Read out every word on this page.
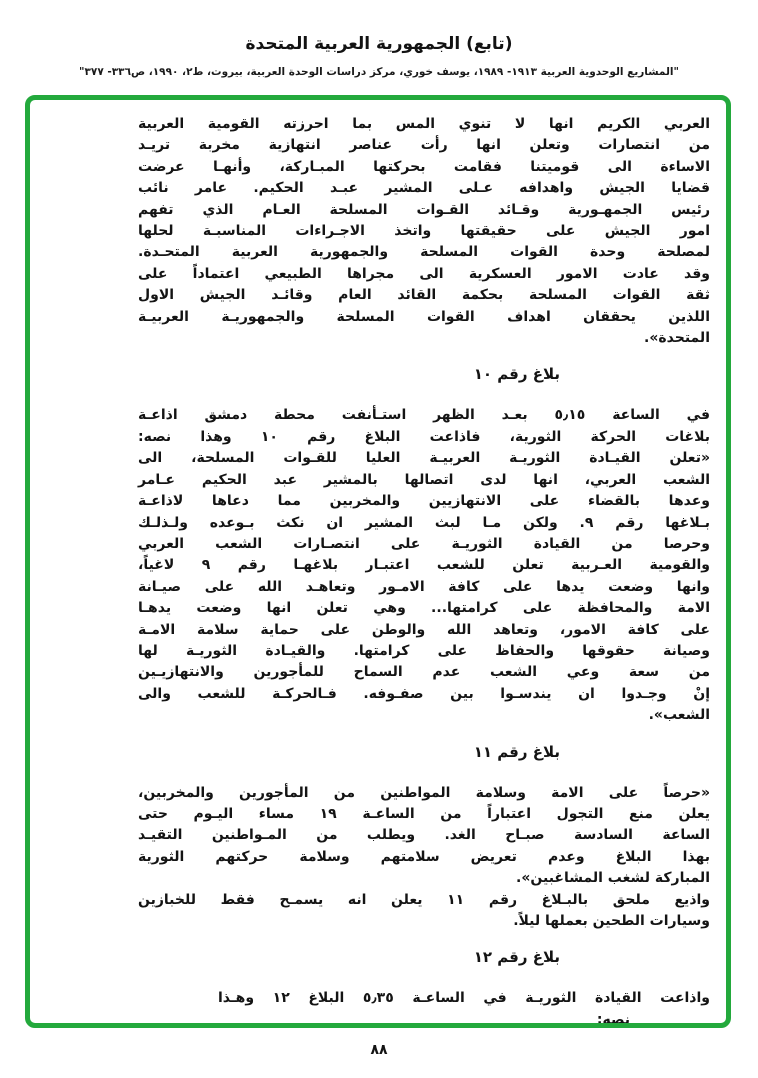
(تابع) الجمهورية العربية المتحدة
"المشاريع الوحدوية العربية ١٩١٣- ١٩٨٩، يوسف خوري، مركز دراسات الوحدة العربية، بيروت، ط٢، ١٩٩٠، ص٣٣٦- ٣٧٧"
العربي الكريم انها لا تنوي المس بما احرزته القومية العربية
من انتصارات وتعلن انها رأت عناصر انتهازية مخربة تريـد
الاساءة الى قوميتنا فقامت بحركتها المبـاركة، وأنهـا عرضت
قضايا الجيش واهدافه عـلى المشير عبـد الحكيم. عامر نائب
رئيس الجمهـورية وقـائد القـوات المسلحة العـام الذي تفهم
امور الجيش على حقيقتها واتخذ الاجـراءات المناسبـة لحلها
لمصلحة وحدة القوات المسلحة والجمهورية العربية المتحـدة.
وقد عادت الامور العسكرية الى مجراها الطبيعي اعتماداً على
ثقة القوات المسلحة بحكمة القائد العام وقائـد الجيش الاول
اللذين يحققان اهداف القوات المسلحة والجمهوريـة العربيـة
المتحدة».
بلاغ رقم ١٠
في الساعة ٥٫١٥ بعـد الظهر استـأنفت محطة دمشق اذاعـة
بلاغات الحركة الثورية، فاذاعت البلاغ رقم ١٠ وهذا نصه:
«تعلن القيـادة الثوريـة العربيـة العليا للقـوات المسلحة، الى
الشعب العربي، انها لدى اتصالها بالمشير عبد الحكيم عـامر
وعدها بالقضاء على الانتهازيين والمخربين مما دعاها لاذاعـة
بـلاغها رقم ٩. ولكن مـا لبث المشير ان نكث بـوعده ولـذلـك
وحرصا من القيادة الثوريـة على انتصـارات الشعب العربي
والقومية العـربية تعلن للشعب اعتبـار بلاغهـا رقم ٩ لاغياً،
وانها وضعت يدها على كافة الامـور وتعاهـد الله على صيـانة
الامة والمحافظة على كرامتها... وهي تعلن انها وضعت يدهـا
على كافة الامور، وتعاهد الله والوطن على حماية سلامة الامـة
وصيانة حقوقها والحفاظ على كرامتها. والقيـادة الثوريـة لها
من سعة وعي الشعب عدم السماح للمأجورين والانتهازيـين
إنْ وجـدوا ان يندسـوا بين صفـوفه. فـالحركـة للشعب والى
الشعب».
بلاغ رقم ١١
«حرصاً على الامة وسلامة المواطنين من المأجورين والمخربين،
يعلن منع التجول اعتباراً من الساعـة ١٩ مساء اليـوم حتى
الساعة السادسة صبـاح الغد. ويطلب من المـواطنين التقيـد
بهذا البلاغ وعدم تعريض سلامتهم وسلامة حركتهم الثورية
المباركة لشغب المشاغبين».
واذيع ملحق بالبـلاغ رقم ١١ يعلن انه يسمـح فقط للخبازين
وسيارات الطحين بعملها ليلاً.
بلاغ رقم ١٢
واذاعت القيادة الثوريـة في الساعـة ٥٫٣٥ البلاغ ١٢ وهـذا
نصه:
٨٨
